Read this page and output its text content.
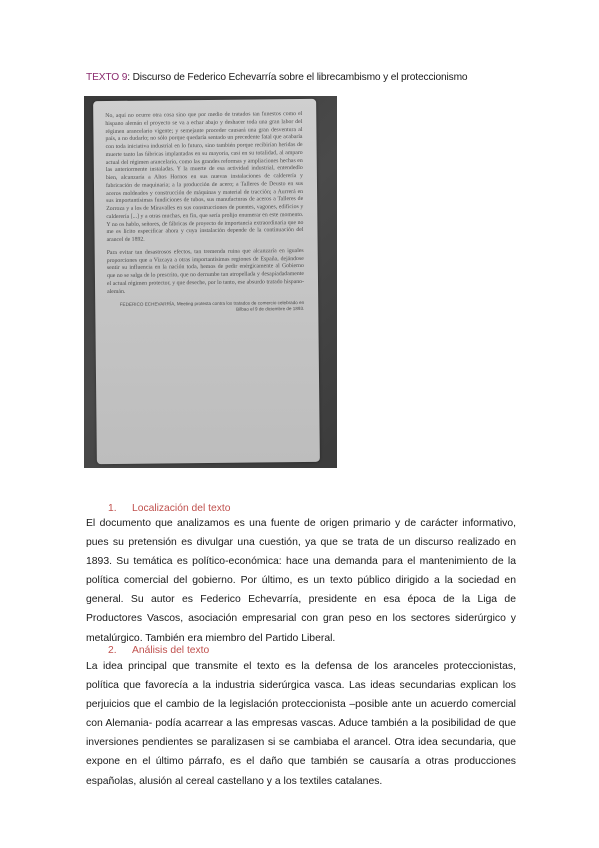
TEXTO 9: Discurso de Federico Echevarría sobre el librecambismo y el proteccionismo

No, aquí no ocurre otra cosa sino que por medio de tratados tan funestos como el hispano alemán el proyecto se va a echar abajo y deshacer toda una gran labor del régimen arancelario vigente; y semejante proceder causará una gran desventura al país, a no dudarlo; no sólo porque quedaría sentado un precedente fatal que acabaría con toda iniciativa industrial en lo futuro, sino también porque recibirían heridas de muerte tanto las fábricas implantadas en su mayoría, casi en su totalidad, al amparo actual del régimen arancelario, como las grandes reformas y ampliaciones hechas en las anteriormente instaladas. Y la muerte de esa actividad industrial, entendedlo bien, alcanzaría a Altos Hornos en sus nuevas instalaciones de calderería y fabricación de maquinaria; a la producción de acero; a Talleres de Deusto en sus aceros moldeados y construcción de máquinas y material de tracción; a Aurrerá en sus importantísimas fundiciones de tubos, sus manufacturas de aceros a Talleres de Zorroza y a los de Miravalles en sus construcciones de puentes, vagones, edificios y calderería [...] y a otras muchas, en fin, que sería prolijo enumerar en este momento. Y no os hablo, señores, de fábricas de proyecto de importancia extraordinaria que no me es lícito especificar ahora y cuya instalación depende de la continuación del arancel de 1892.

Para evitar tan desastrosos efectos, tan tremenda ruina que alcanzaría en iguales proporciones que a Vizcaya a otras importantísimas regiones de España, dejándose sentir su influencia en la nación toda, hemos de pedir enérgicamente al Gobierno que no se salga de lo prescrito, que no derrumbe tan atropellada y desapiadadamente el actual régimen protector, y que deseche, por lo tanto, ese absurdo tratado hispano-alemán.

FEDERICO ECHEVARRÍA, Meeting protesta contra los tratados de comercio celebrado en Bilbao el 9 de diciembre de 1893.
1. Localización del texto
El documento que analizamos es una fuente de origen primario y de carácter informativo, pues su pretensión es divulgar una cuestión, ya que se trata de un discurso realizado en 1893. Su temática es político-económica: hace una demanda para el mantenimiento de la política comercial del gobierno. Por último, es un texto público dirigido a la sociedad en general. Su autor es Federico Echevarría, presidente en esa época de la Liga de Productores Vascos, asociación empresarial con gran peso en los sectores siderúrgico y metalúrgico. También era miembro del Partido Liberal.
2. Análisis del texto
La idea principal que transmite el texto es la defensa de los aranceles proteccionistas, política que favorecía a la industria siderúrgica vasca. Las ideas secundarias explican los perjuicios que el cambio de la legislación proteccionista –posible ante un acuerdo comercial con Alemania- podía acarrear a las empresas vascas. Aduce también a la posibilidad de que inversiones pendientes se paralizasen si se cambiaba el arancel. Otra idea secundaria, que expone en el último párrafo, es el daño que también se causaría a otras producciones españolas, alusión al cereal castellano y a los textiles catalanes.
